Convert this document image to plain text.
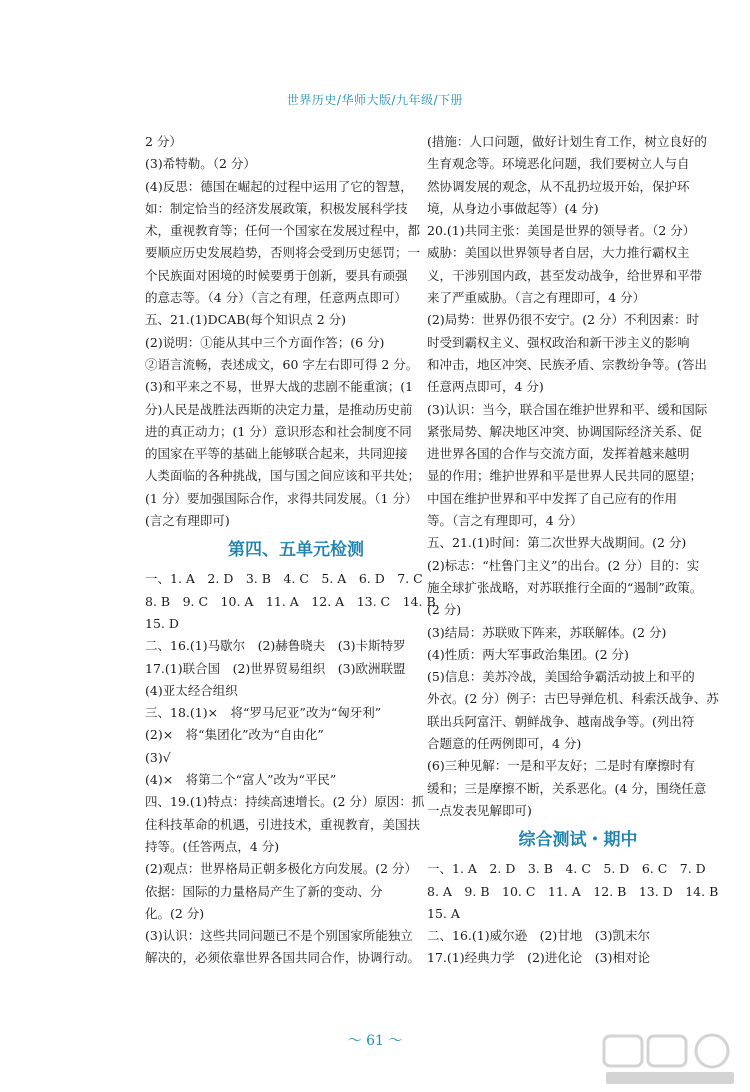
世界历史/华师大版/九年级/下册
2 分）
(3)希特勒。（2 分）
(4)反思：德国在崛起的过程中运用了它的智慧，
如：制定恰当的经济发展政策，积极发展科学技
术，重视教育等；任何一个国家在发展过程中，都
要顺应历史发展趋势，否则将会受到历史惩罚；一
个民族面对困境的时候要勇于创新，要具有顽强
的意志等。（4 分）（言之有理，任意两点即可）
五、21.(1)DCAB(每个知识点 2 分)
(2)说明：①能从其中三个方面作答；(6 分)
②语言流畅，表述成文，60 字左右即可得 2 分。
(3)和平来之不易，世界大战的悲剧不能重演；(1
分)人民是战胜法西斯的决定力量，是推动历史前
进的真正动力；(1 分）意识形态和社会制度不同
的国家在平等的基础上能够联合起来，共同迎接
人类面临的各种挑战，国与国之间应该和平共处；
(1 分）要加强国际合作，求得共同发展。（1 分）
(言之有理即可)
第四、五单元检测
一、1. A　2. D　3. B　4. C　5. A　6. D　7. C
8. B　9. C　10. A　11. A　12. A　13. C　14. B
15. D
二、16.(1)马歇尔　(2)赫鲁晓夫　(3)卡斯特罗
17.(1)联合国　(2)世界贸易组织　(3)欧洲联盟
(4)亚太经合组织
三、18.(1)×　将“罗马尼亚”改为“匈牙利”
(2)×　将“集团化”改为“自由化”
(3)√
(4)×　将第二个“富人”改为“平民”
四、19.(1)特点：持续高速增长。(2 分）原因：抓
住科技革命的机遇，引进技术，重视教育，美国扶
持等。(任答两点，4 分)
(2)观点：世界格局正朝多极化方向发展。(2 分）
依据：国际的力量格局产生了新的变动、分
化。(2 分)
(3)认识：这些共同问题已不是个别国家所能独立
解决的，必须依靠世界各国共同合作，协调行动。
(措施：人口问题，做好计划生育工作，树立良好的
生育观念等。环境恶化问题，我们要树立人与自
然协调发展的观念，从不乱扔垃圾开始，保护环
境，从身边小事做起等）(4 分)
20.(1)共同主张：美国是世界的领导者。（2 分）
威胁：美国以世界领导者自居，大力推行霸权主
义，干涉别国内政，甚至发动战争，给世界和平带
来了严重威胁。（言之有理即可，4 分）
(2)局势：世界仍很不安宁。(2 分）不利因素：时
时受到霸权主义、强权政治和新干涉主义的影响
和冲击，地区冲突、民族矛盾、宗教纷争等。(答出
任意两点即可，4 分)
(3)认识：当今，联合国在维护世界和平、缓和国际
紧张局势、解决地区冲突、协调国际经济关系、促
进世界各国的合作与交流方面，发挥着越来越明
显的作用；维护世界和平是世界人民共同的愿望；
中国在维护世界和平中发挥了自己应有的作用
等。（言之有理即可，4 分）
五、21.(1)时间：第二次世界大战期间。(2 分)
(2)标志：“杜鲁门主义”的出台。(2 分）目的：实
施全球扩张战略，对苏联推行全面的“遏制”政策。
(2 分)
(3)结局：苏联败下阵来，苏联解体。(2 分)
(4)性质：两大军事政治集团。(2 分)
(5)信息：美苏冷战，美国给争霸活动披上和平的
外衣。(2 分）例子：古巴导弹危机、科索沃战争、苏
联出兵阿富汗、朝鲜战争、越南战争等。(列出符
合题意的任两例即可，4 分)
(6)三种见解：一是和平友好；二是时有摩擦时有
缓和；三是摩擦不断，关系恶化。(4 分，围绕任意
一点发表见解即可)
综合测试・期中
一、1. A　2. D　3. B　4. C　5. D　6. C　7. D
8. A　9. B　10. C　11. A　12. B　13. D　14. B
15. A
二、16.(1)威尔逊　(2)甘地　(3)凯末尔
17.(1)经典力学　(2)进化论　(3)相对论
～ 61 ～
